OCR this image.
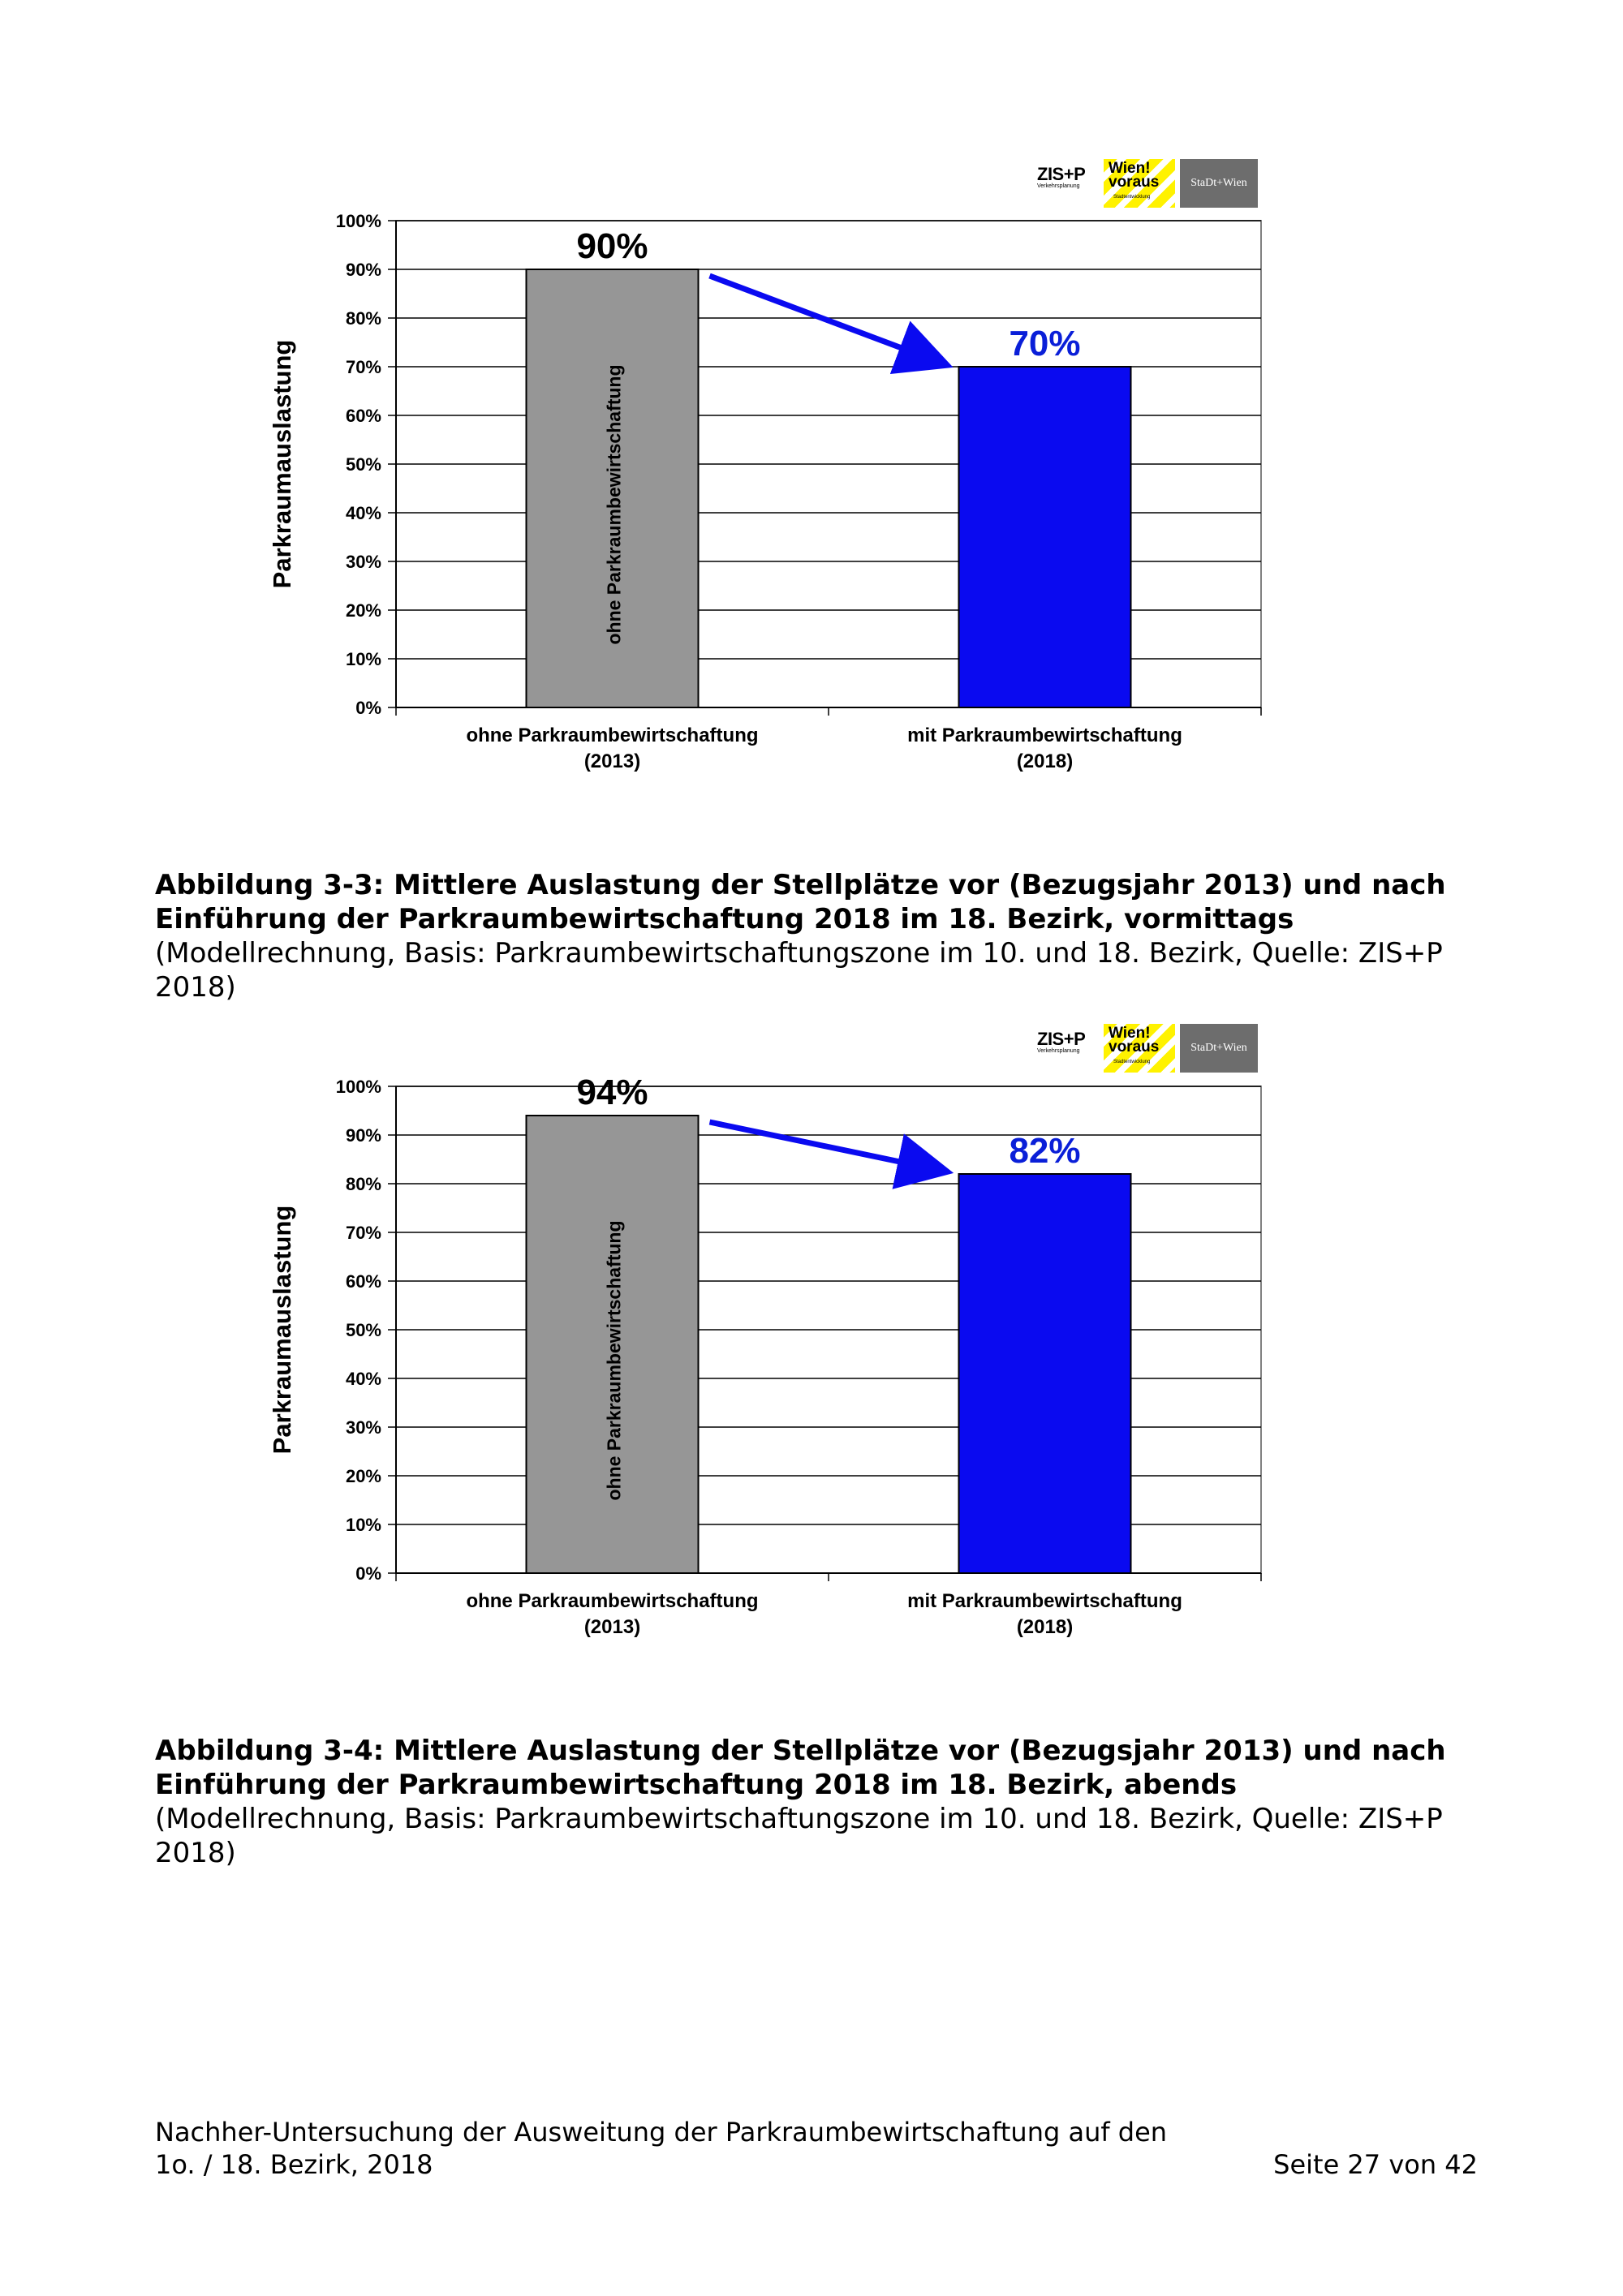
ZIS+P
Verkehrsplanung
Wien!
voraus
Stadtentwicklung
StaDt+Wien
0%
10%
20%
30%
40%
50%
60%
70%
80%
90%
100%
Parkraumauslastung
90%
ohne Parkraumbewirtschaftung
(2013)
70%
mit Parkraumbewirtschaftung
(2018)
ohne Parkraumbewirtschaftung
Abbildung 3-3: Mittlere Auslastung der Stellplätze vor (Bezugsjahr 2013) und nach Einführung der Parkraumbewirtschaftung 2018 im 18. Bezirk, vormittags (Modellrechnung, Basis: Parkraumbewirtschaftungszone im 10. und 18. Bezirk, Quelle: ZIS+P 2018)
ZIS+P
Verkehrsplanung
Wien!
voraus
Stadtentwicklung
StaDt+Wien
0%
10%
20%
30%
40%
50%
60%
70%
80%
90%
100%
Parkraumauslastung
94%
ohne Parkraumbewirtschaftung
(2013)
82%
mit Parkraumbewirtschaftung
(2018)
ohne Parkraumbewirtschaftung
Abbildung 3-4: Mittlere Auslastung der Stellplätze vor (Bezugsjahr 2013) und nach Einführung der Parkraumbewirtschaftung 2018 im 18. Bezirk, abends (Modellrechnung, Basis: Parkraumbewirtschaftungszone im 10. und 18. Bezirk, Quelle: ZIS+P 2018)
Nachher-Untersuchung der Ausweitung der Parkraumbewirtschaftung auf den
1o. / 18. Bezirk, 2018	Seite 27 von 42
